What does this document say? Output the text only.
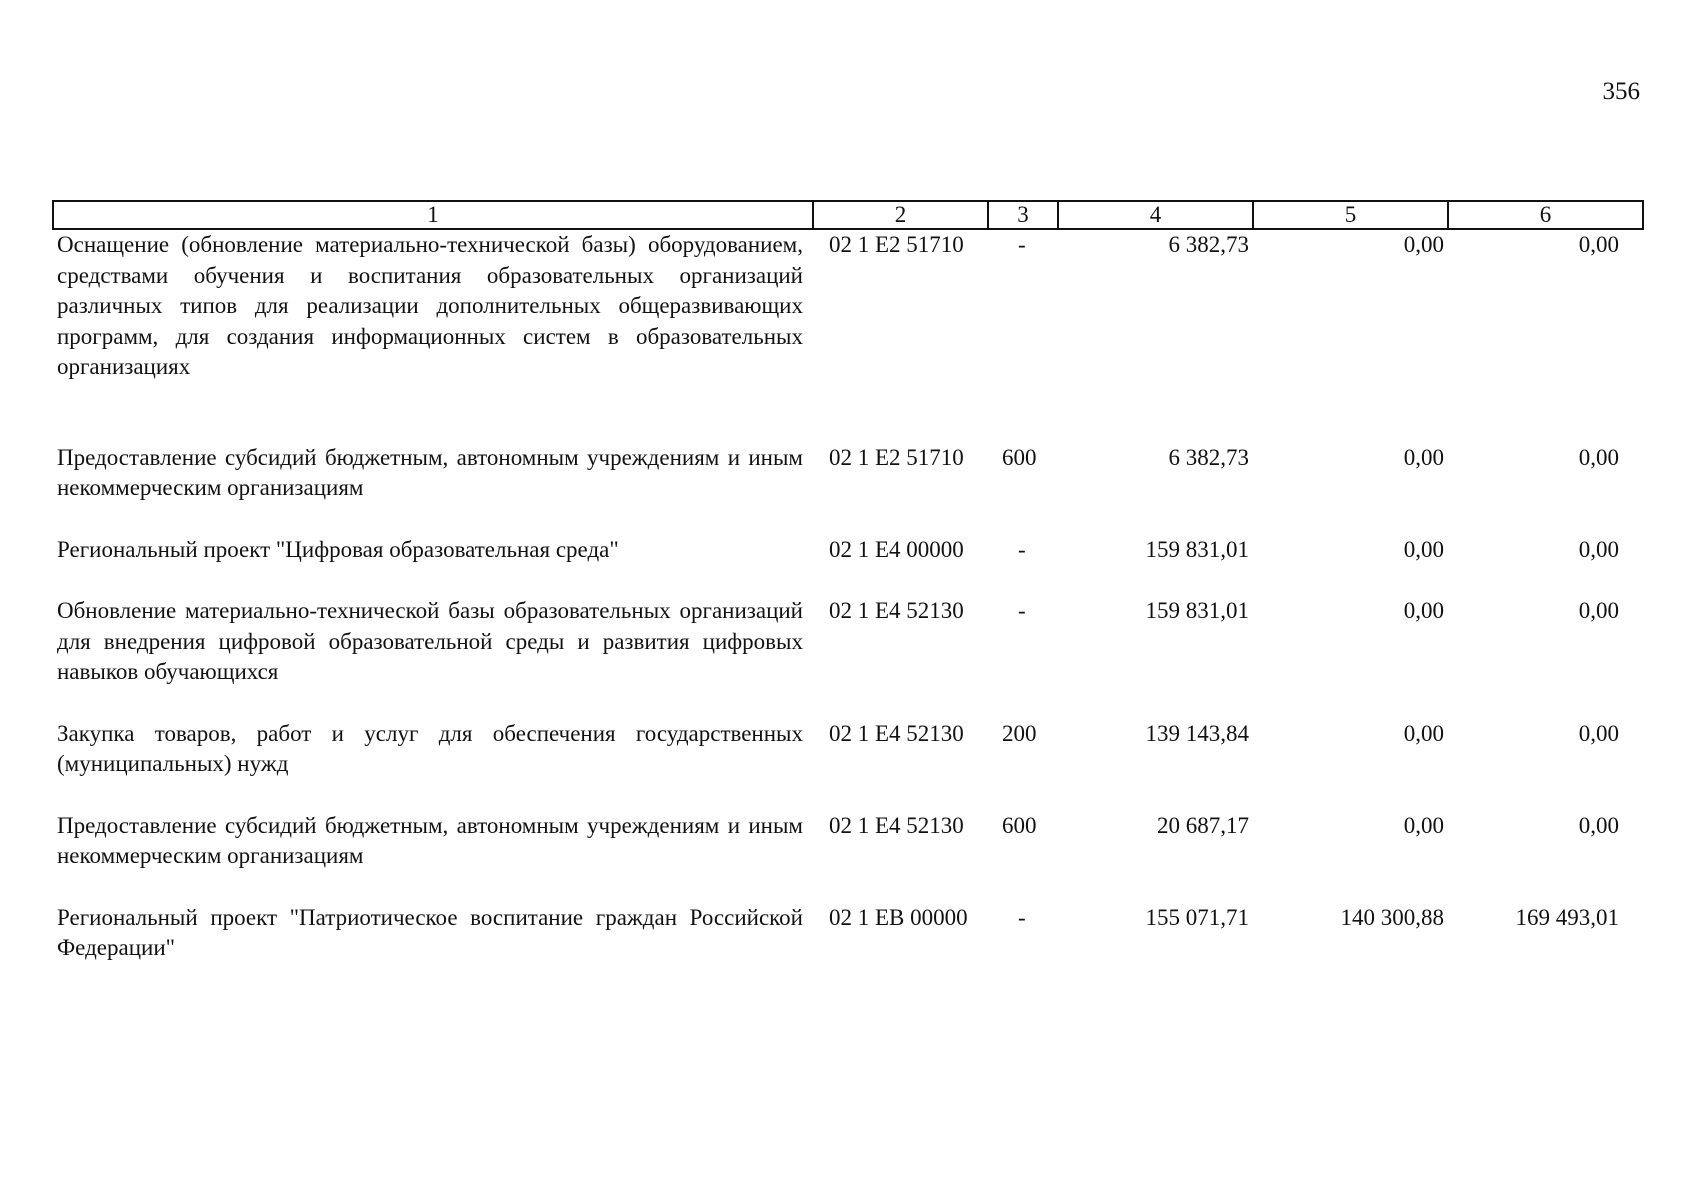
356
1	2	3	4	5	6
Оснащение (обновление материально-технической базы) оборудованием, средствами обучения и воспитания образовательных организаций различных типов для реализации дополнительных общеразвивающих программ, для создания информационных систем в образовательных организациях	02 1 E2 51710	-	6 382,73	0,00	0,00
Предоставление субсидий бюджетным, автономным учреждениям и иным некоммерческим организациям	02 1 E2 51710	600	6 382,73	0,00	0,00
Региональный проект "Цифровая образовательная среда"	02 1 E4 00000	-	159 831,01	0,00	0,00
Обновление материально-технической базы образовательных организаций для внедрения цифровой образовательной среды и развития цифровых навыков обучающихся	02 1 E4 52130	-	159 831,01	0,00	0,00
Закупка товаров, работ и услуг для обеспечения государственных (муниципальных) нужд	02 1 E4 52130	200	139 143,84	0,00	0,00
Предоставление субсидий бюджетным, автономным учреждениям и иным некоммерческим организациям	02 1 E4 52130	600	20 687,17	0,00	0,00
Региональный проект "Патриотическое воспитание граждан Российской Федерации"	02 1 EB 00000	-	155 071,71	140 300,88	169 493,01
